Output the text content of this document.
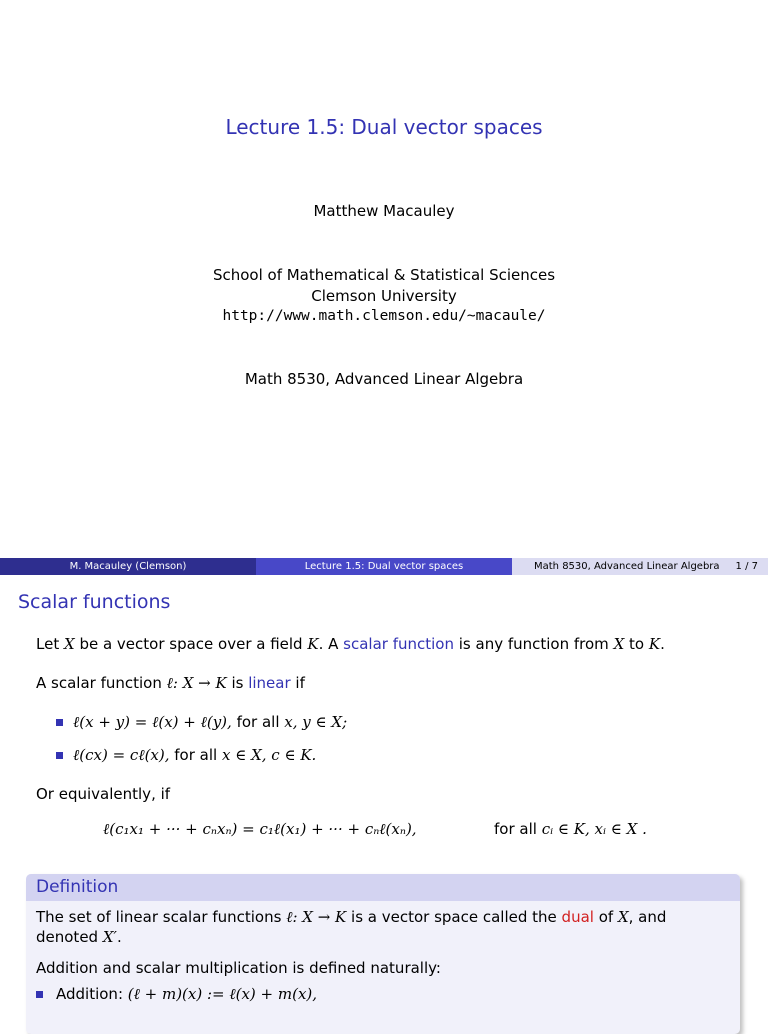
Lecture 1.5: Dual vector spaces
Matthew Macauley
School of Mathematical & Statistical Sciences
Clemson University
http://www.math.clemson.edu/~macaule/
Math 8530, Advanced Linear Algebra
M. Macauley (Clemson)	Lecture 1.5: Dual vector spaces	Math 8530, Advanced Linear Algebra 1 / 7
Scalar functions
Let X be a vector space over a field K. A scalar function is any function from X to K.
A scalar function ℓ: X → K is linear if
ℓ(x + y) = ℓ(x) + ℓ(y), for all x, y ∈ X;
ℓ(cx) = cℓ(x), for all x ∈ X, c ∈ K.
Or equivalently, if
ℓ(c₁x₁ + ··· + cₙxₙ) = c₁ℓ(x₁) + ··· + cₙℓ(xₙ),	for all cᵢ ∈ K, xᵢ ∈ X .
Definition
The set of linear scalar functions ℓ: X → K is a vector space called the dual of X, and denoted X′.
Addition and scalar multiplication is defined naturally:
Addition: (ℓ + m)(x) := ℓ(x) + m(x),
